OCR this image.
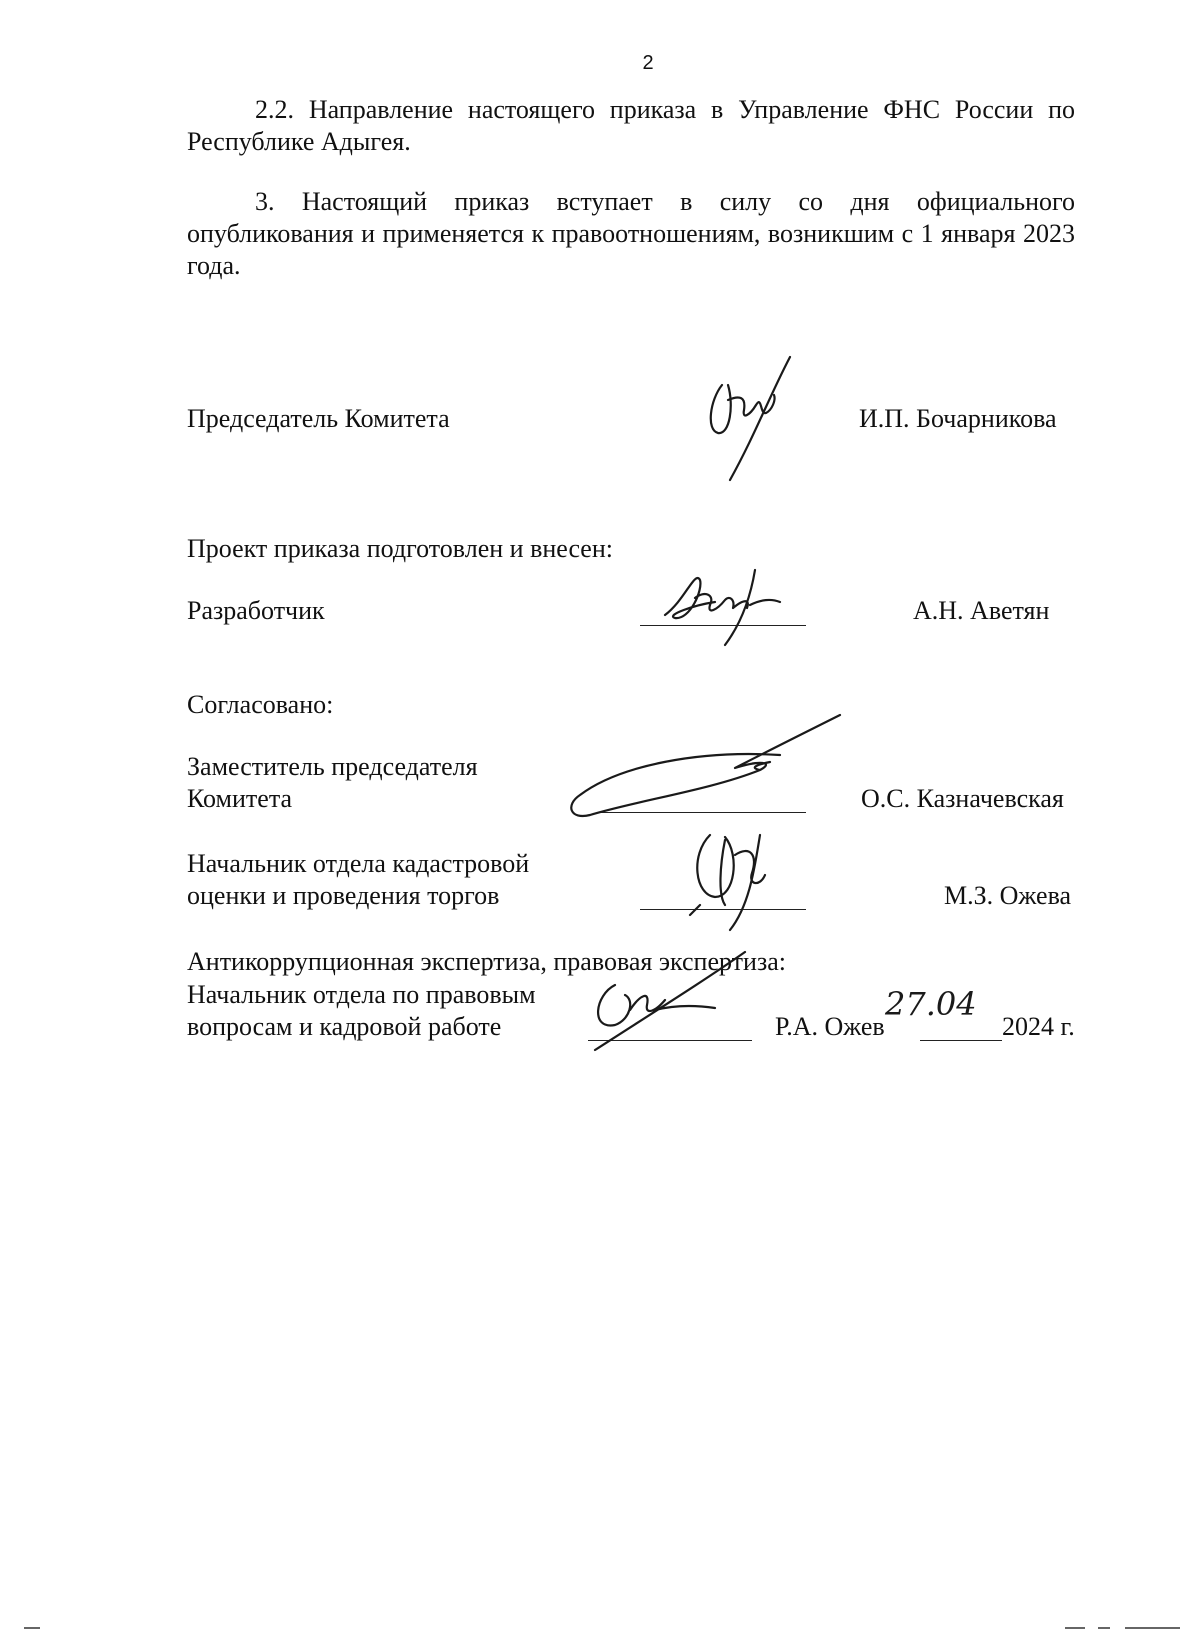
2
2.2. Направление настоящего приказа в Управление ФНС России по Республике Адыгея.
3. Настоящий приказ вступает в силу со дня официального опубликования и применяется к правоотношениям, возникшим с 1 января 2023 года.
Председатель Комитета	И.П. Бочарникова
Проект приказа подготовлен и внесен:
Разработчик	А.Н. Аветян
Согласовано:
Заместитель председателя
Комитета	О.С. Казначевская
Начальник отдела кадастровой
оценки и проведения торгов	М.З. Ожева
Антикоррупционная экспертиза, правовая экспертиза:
Начальник отдела по правовым
вопросам и кадровой работе	Р.А. Ожев
27.04
2024 г.
